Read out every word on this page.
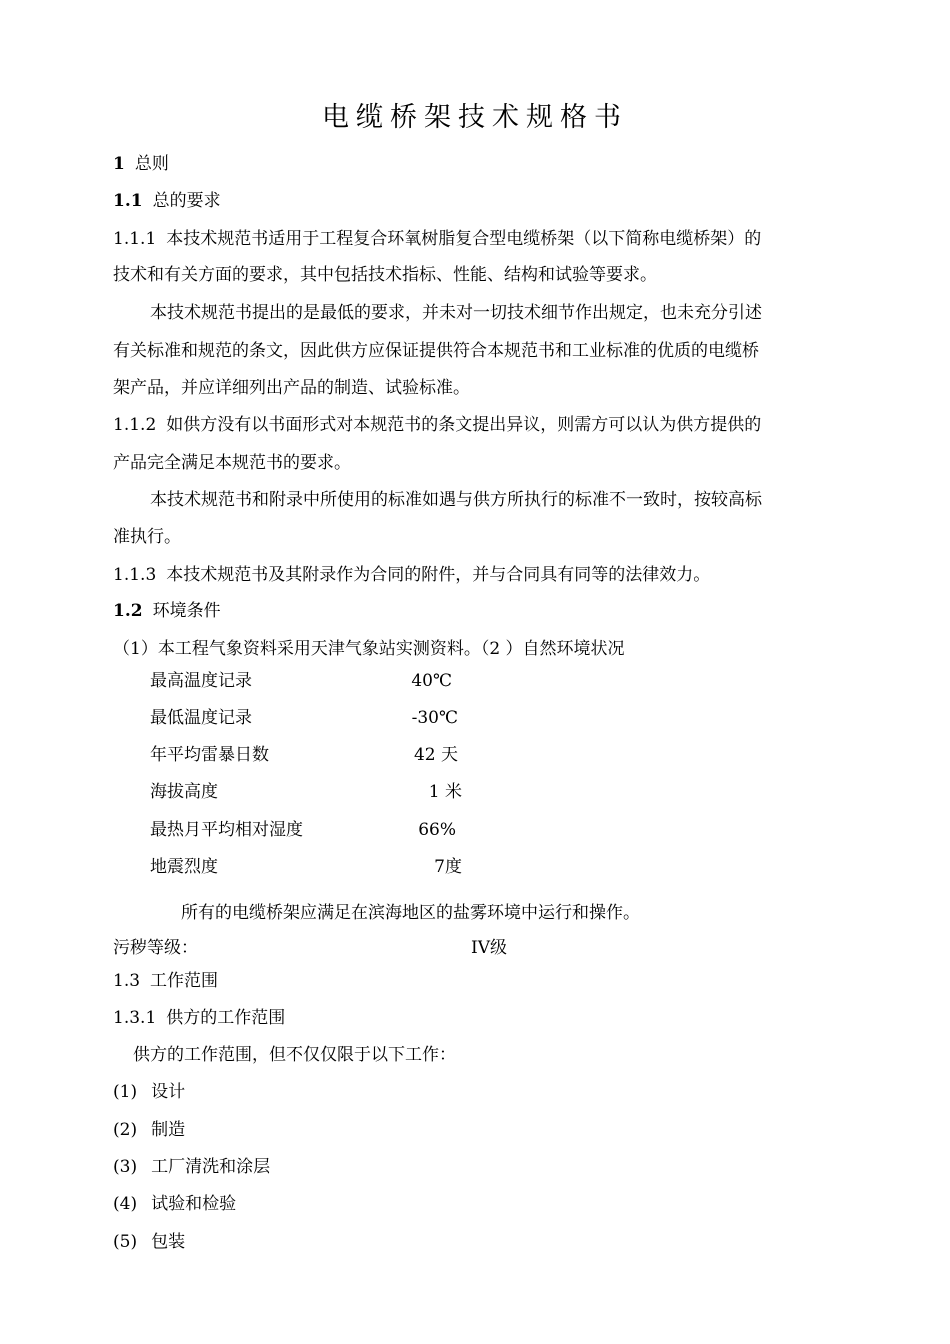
电缆桥架技术规格书
1 总则
1.1 总的要求
1.1.1 本技术规范书适用于工程复合环氧树脂复合型电缆桥架（以下简称电缆桥架）的
技术和有关方面的要求，其中包括技术指标、性能、结构和试验等要求。
本技术规范书提出的是最低的要求，并未对一切技术细节作出规定，也未充分引述
有关标准和规范的条文，因此供方应保证提供符合本规范书和工业标准的优质的电缆桥
架产品，并应详细列出产品的制造、试验标准。
1.1.2 如供方没有以书面形式对本规范书的条文提出异议，则需方可以认为供方提供的
产品完全满足本规范书的要求。
本技术规范书和附录中所使用的标准如遇与供方所执行的标准不一致时，按较高标
准执行。
1.1.3 本技术规范书及其附录作为合同的附件，并与合同具有同等的法律效力。
1.2 环境条件
（1）本工程气象资料采用天津气象站实测资料。（2 ）自然环境状况
最高温度记录	40℃
最低温度记录	-30℃
年平均雷暴日数	42 天
海拔高度	1 米
最热月平均相对湿度	66%
地震烈度	7度
所有的电缆桥架应满足在滨海地区的盐雾环境中运行和操作。
污秽等级：	IV级
1.3 工作范围
1.3.1 供方的工作范围
供方的工作范围，但不仅仅限于以下工作：
(1) 设计
(2) 制造
(3) 工厂清洗和涂层
(4) 试验和检验
(5) 包装
